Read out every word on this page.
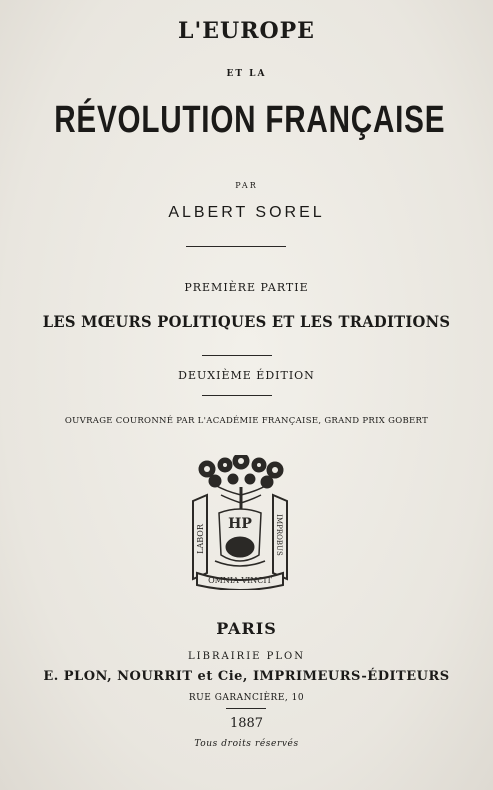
L'EUROPE
ET LA
RÉVOLUTION FRANÇAISE
PAR
ALBERT SOREL
PREMIÈRE PARTIE
LES MŒURS POLITIQUES ET LES TRADITIONS
DEUXIÈME ÉDITION
OUVRAGE COURONNÉ PAR L'ACADÉMIE FRANÇAISE, GRAND PRIX GOBERT
HP
LABOR	IMPROBUS
OMNIA VINCIT
PARIS
LIBRAIRIE PLON
E. PLON, NOURRIT et Cie, IMPRIMEURS-ÉDITEURS
RUE GARANCIÈRE, 10
1887
Tous droits réservés
